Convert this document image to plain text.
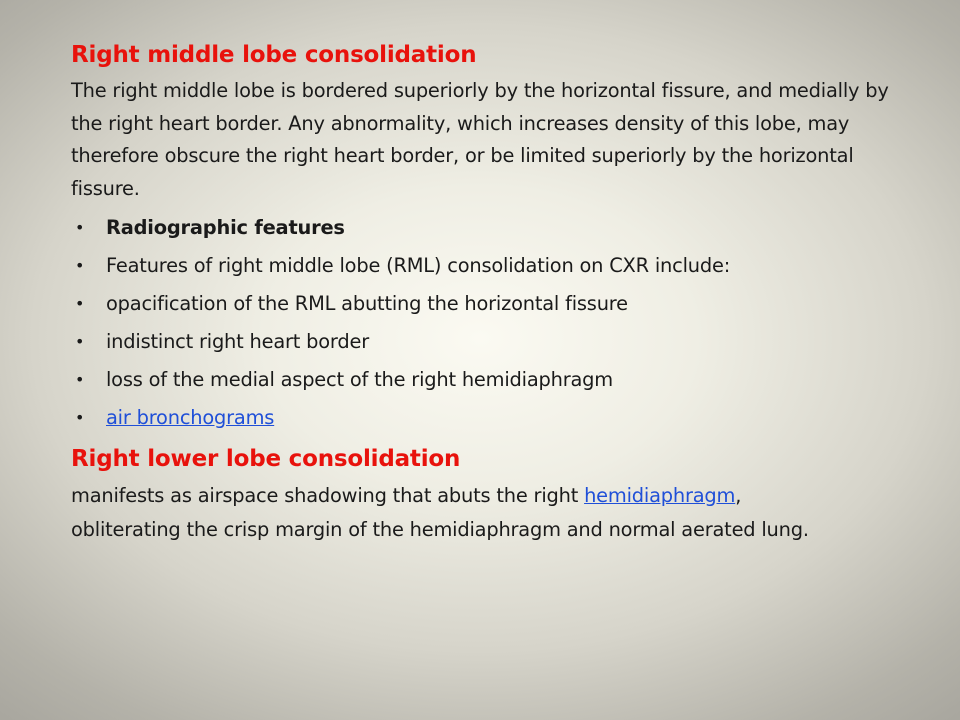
Right middle lobe consolidation

The right middle lobe is bordered superiorly by the horizontal fissure, and medially by the right heart border. Any abnormality, which increases density of this lobe, may therefore obscure the right heart border, or be limited superiorly by the horizontal fissure.

• Radiographic features
• Features of right middle lobe (RML) consolidation on CXR include:
• opacification of the RML abutting the horizontal fissure
• indistinct right heart border
• loss of the medial aspect of the right hemidiaphragm
• air bronchograms
Right lower lobe consolidation

manifests as airspace shadowing that abuts the right hemidiaphragm,
obliterating the crisp margin of the hemidiaphragm and normal aerated lung.
